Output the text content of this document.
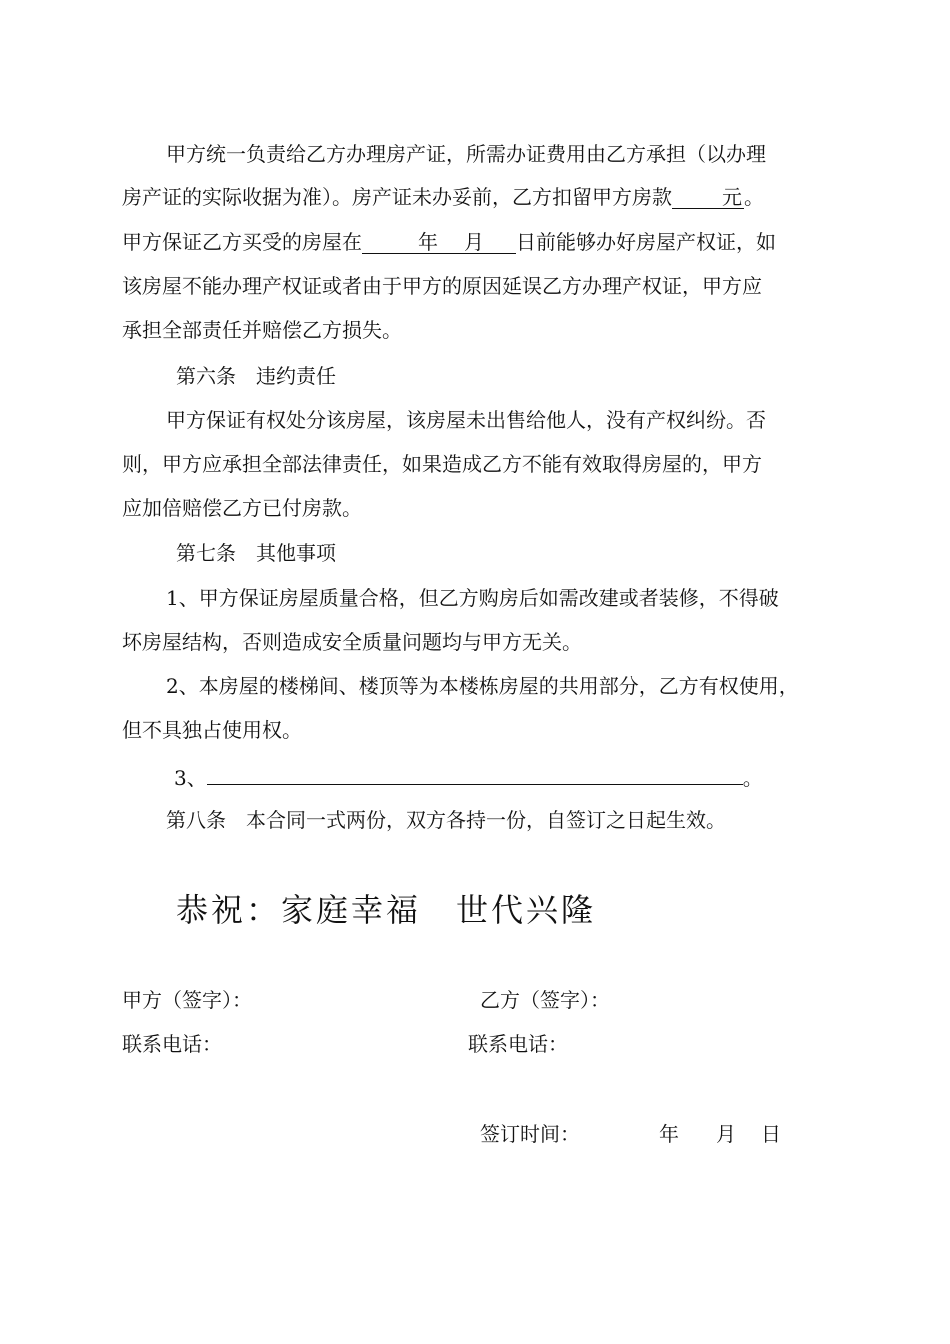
甲方统一负责给乙方办理房产证，所需办证费用由乙方承担（以办理
房产证的实际收据为准）。房产证未办妥前，乙方扣留甲方房款	元 。
甲方保证乙方买受的房屋在	年 月 日前能够办好房屋产权证，如
该房屋不能办理产权证或者由于甲方的原因延误乙方办理产权证，甲方应
承担全部责任并赔偿乙方损失。
第六条　违约责任
甲方保证有权处分该房屋，该房屋未出售给他人，没有产权纠纷。否
则，甲方应承担全部法律责任，如果造成乙方不能有效取得房屋的，甲方
应加倍赔偿乙方已付房款。
第七条　其他事项
1、甲方保证房屋质量合格，但乙方购房后如需改建或者装修，不得破
坏房屋结构，否则造成安全质量问题均与甲方无关。
2、本房屋的楼梯间、楼顶等为本楼栋房屋的共用部分，乙方有权使用，
但不具独占使用权。
3、	。
第八条　本合同一式两份，双方各持一份，自签订之日起生效。
恭祝：家庭幸福　世代兴隆
甲方（签字）：	乙方（签字）：
联系电话：	联系电话：
签订时间：	年 月 日
